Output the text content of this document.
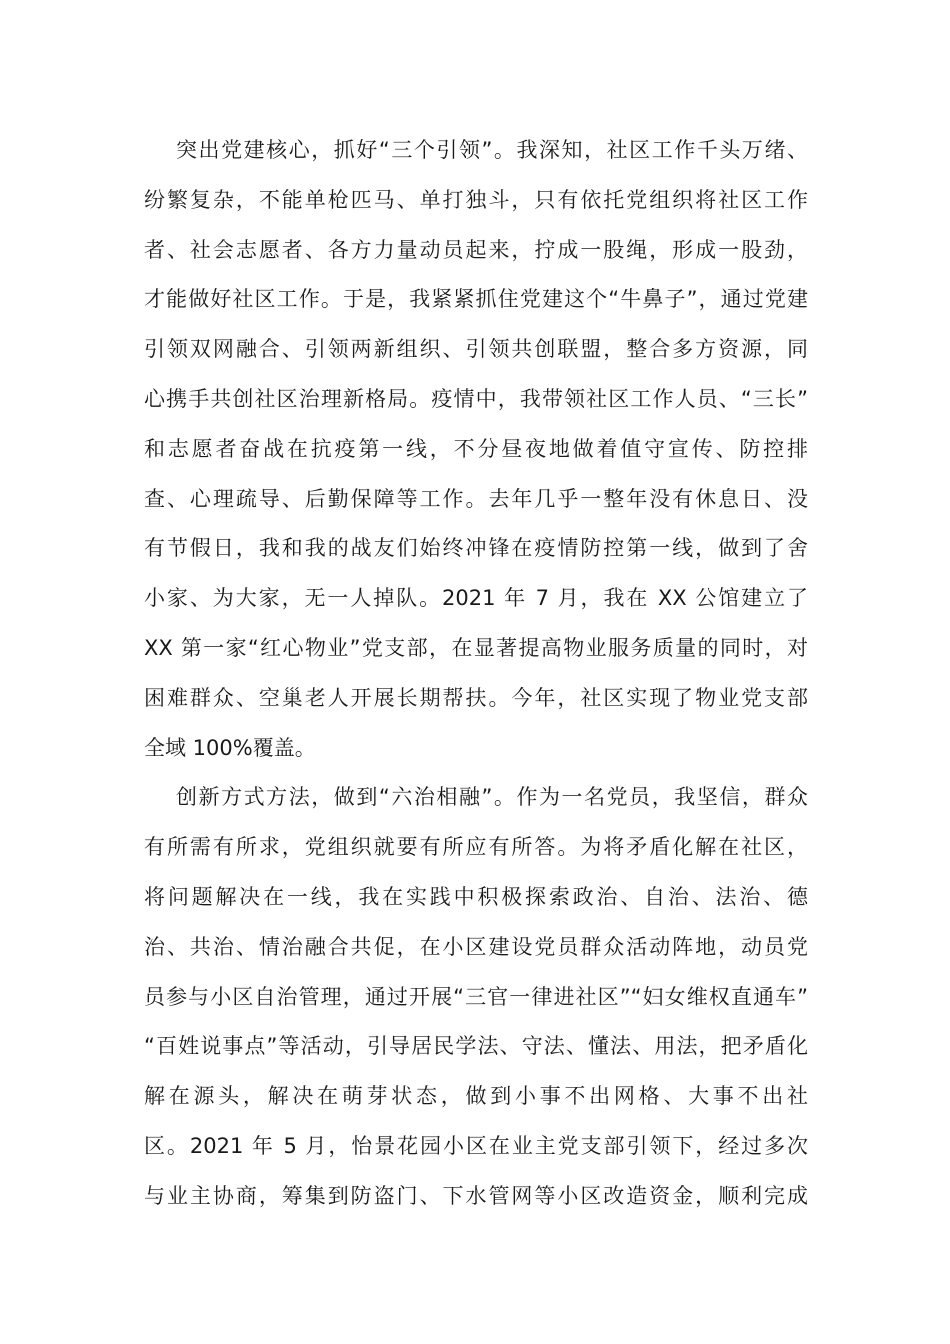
突出党建核心，抓好“三个引领”。我深知，社区工作千头万绪、
纷繁复杂，不能单枪匹马、单打独斗，只有依托党组织将社区工作
者、社会志愿者、各方力量动员起来，拧成一股绳，形成一股劲，
才能做好社区工作。于是，我紧紧抓住党建这个“牛鼻子”，通过党建
引领双网融合、引领两新组织、引领共创联盟，整合多方资源，同
心携手共创社区治理新格局。疫情中，我带领社区工作人员、“三长”
和志愿者奋战在抗疫第一线，不分昼夜地做着值守宣传、防控排
查、心理疏导、后勤保障等工作。去年几乎一整年没有休息日、没
有节假日，我和我的战友们始终冲锋在疫情防控第一线，做到了舍
小家、为大家，无一人掉队。2021 年 7 月，我在 XX 公馆建立了
XX 第一家“红心物业”党支部，在显著提高物业服务质量的同时，对
困难群众、空巢老人开展长期帮扶。今年，社区实现了物业党支部
全域 100%覆盖。
创新方式方法，做到“六治相融”。作为一名党员，我坚信，群众
有所需有所求，党组织就要有所应有所答。为将矛盾化解在社区，
将问题解决在一线，我在实践中积极探索政治、自治、法治、德
治、共治、情治融合共促，在小区建设党员群众活动阵地，动员党
员参与小区自治管理，通过开展“三官一律进社区”“妇女维权直通车”
“百姓说事点”等活动，引导居民学法、守法、懂法、用法，把矛盾化
解在源头，解决在萌芽状态，做到小事不出网格、大事不出社
区。2021 年 5 月，怡景花园小区在业主党支部引领下，经过多次
与业主协商，筹集到防盗门、下水管网等小区改造资金，顺利完成
